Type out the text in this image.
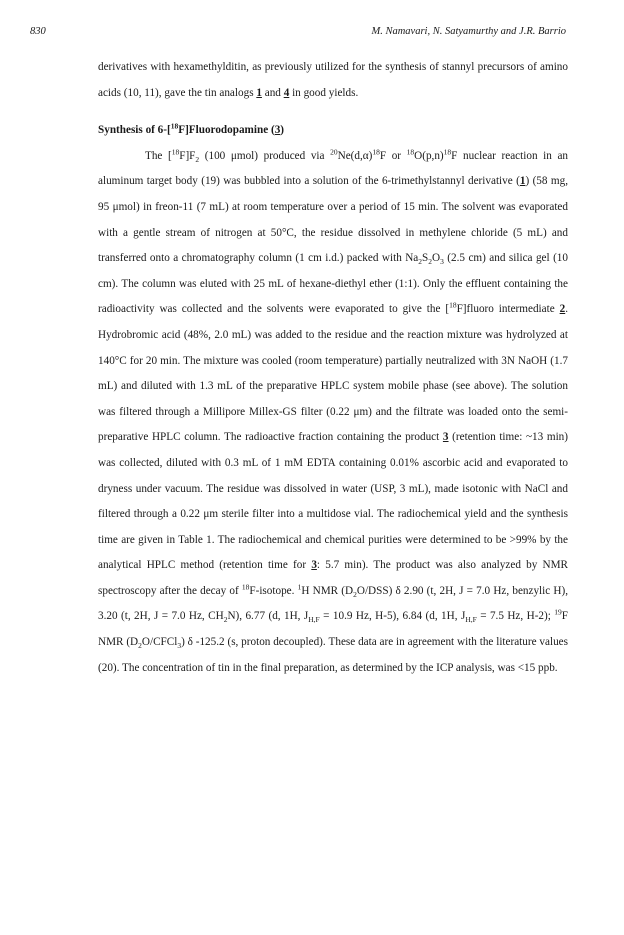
830	M. Namavari, N. Satyamurthy and J.R. Barrio

derivatives with hexamethylditin, as previously utilized for the synthesis of stannyl precursors of amino acids (10, 11), gave the tin analogs 1 and 4 in good yields.

Synthesis of 6-[$^{18}$F]Fluorodopamine (3)

The $[^{18}F]F_2$ (100 μmol) produced via $^{20}Ne(d,\alpha)^{18}F$ or $^{18}O(p,n)^{18}F$ nuclear reaction in an aluminum target body (19) was bubbled into a solution of the 6-trimethylstannyl derivative (1) (58 mg, 95 μmol) in freon-11 (7 mL) at room temperature over a period of 15 min. The solvent was evaporated with a gentle stream of nitrogen at 50°C, the residue dissolved in methylene chloride (5 mL) and transferred onto a chromatography column (1 cm i.d.) packed with $Na_2S_2O_3$ (2.5 cm) and silica gel (10 cm). The column was eluted with 25 mL of hexane-diethyl ether (1:1). Only the effluent containing the radioactivity was collected and the solvents were evaporated to give the [$^{18}$F]fluoro intermediate 2. Hydrobromic acid (48%, 2.0 mL) was added to the residue and the reaction mixture was hydrolyzed at 140°C for 20 min. The mixture was cooled (room temperature) partially neutralized with 3N NaOH (1.7 mL) and diluted with 1.3 mL of the preparative HPLC system mobile phase (see above). The solution was filtered through a Millipore Millex-GS filter (0.22 μm) and the filtrate was loaded onto the semi-preparative HPLC column. The radioactive fraction containing the product 3 (retention time: ~13 min) was collected, diluted with 0.3 mL of 1 mM EDTA containing 0.01% ascorbic acid and evaporated to dryness under vacuum. The residue was dissolved in water (USP, 3 mL), made isotonic with NaCl and filtered through a 0.22 μm sterile filter into a multidose vial. The radiochemical yield and the synthesis time are given in Table 1. The radiochemical and chemical purities were determined to be >99% by the analytical HPLC method (retention time for 3: 5.7 min). The product was also analyzed by NMR spectroscopy after the decay of $^{18}$F-isotope. $^1$H NMR $(D_2O/DSS)$ δ 2.90 (t, 2H, J = 7.0 Hz, benzylic H), 3.20 (t, 2H, J = 7.0 Hz, $CH_2N$), 6.77 (d, 1H, $J_{H,F} = 10.9$ Hz, H-5), 6.84 (d, 1H, $J_{H,F} = 7.5$ Hz, H-2); $^{19}$F NMR $(D_2O/CFCl_3)$ δ -125.2 (s, proton decoupled). These data are in agreement with the literature values (20). The concentration of tin in the final preparation, as determined by the ICP analysis, was <15 ppb.
